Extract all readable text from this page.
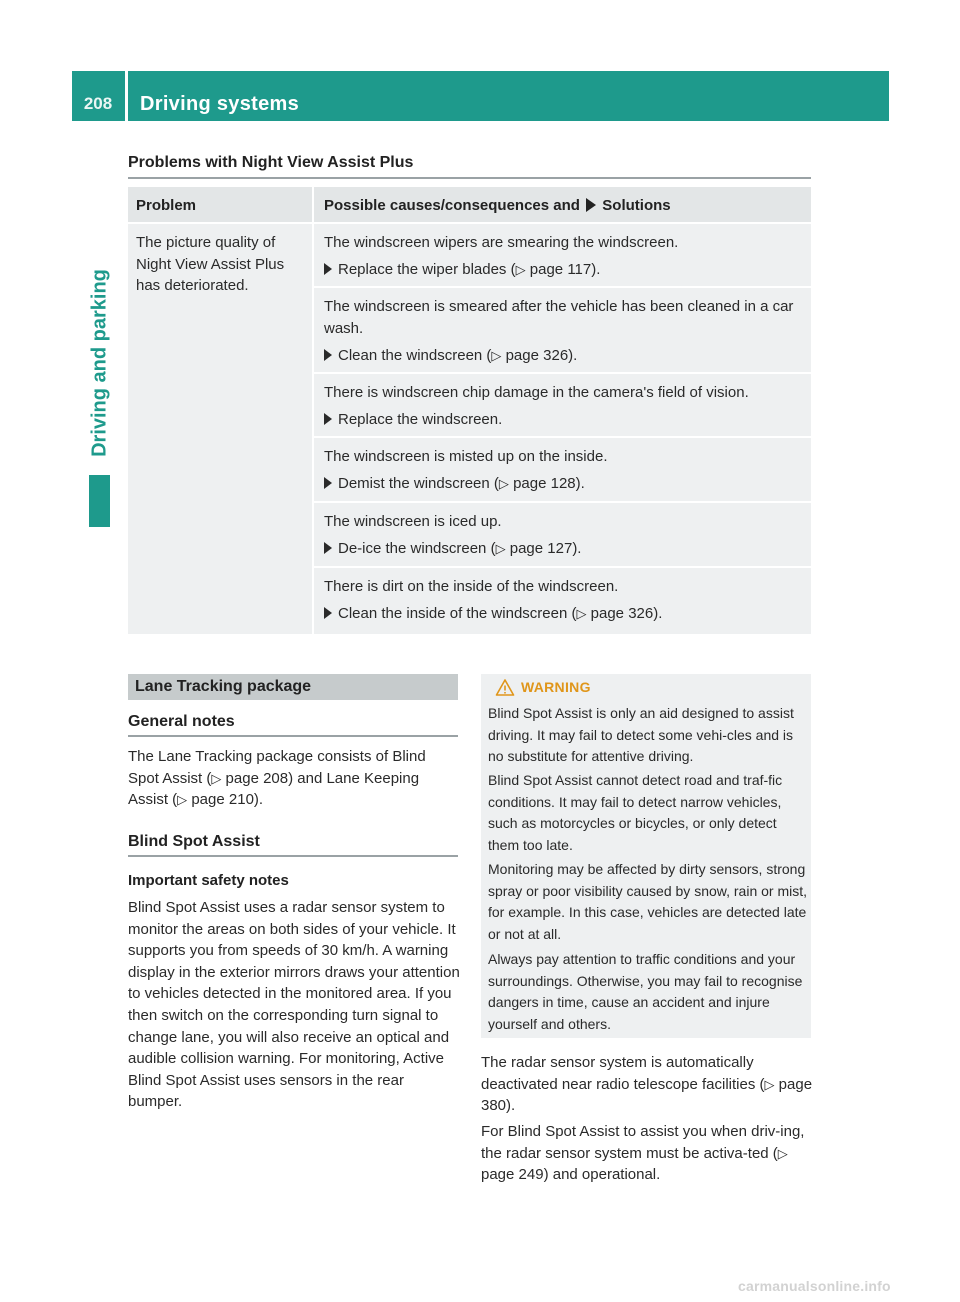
208	Driving systems
Driving and parking
Problems with Night View Assist Plus
Problem	Possible causes/consequences and Solutions
The picture quality of Night View Assist Plus has deteriorated.
The windscreen wipers are smearing the windscreen.
Replace the wiper blades (▷ page 117).
The windscreen is smeared after the vehicle has been cleaned in a car wash.
Clean the windscreen (▷ page 326).
There is windscreen chip damage in the camera's field of vision.
Replace the windscreen.
The windscreen is misted up on the inside.
Demist the windscreen (▷ page 128).
The windscreen is iced up.
De-ice the windscreen (▷ page 127).
There is dirt on the inside of the windscreen.
Clean the inside of the windscreen (▷ page 326).
Lane Tracking package
General notes
The Lane Tracking package consists of Blind Spot Assist (▷ page 208) and Lane Keeping Assist (▷ page 210).
Blind Spot Assist
Important safety notes
Blind Spot Assist uses a radar sensor system to monitor the areas on both sides of your vehicle. It supports you from speeds of 30 km/h. A warning display in the exterior mirrors draws your attention to vehicles detected in the monitored area. If you then switch on the corresponding turn signal to change lane, you will also receive an optical and audible collision warning. For monitoring, Active Blind Spot Assist uses sensors in the rear bumper.
WARNING
Blind Spot Assist is only an aid designed to assist driving. It may fail to detect some vehi-cles and is no substitute for attentive driving.
Blind Spot Assist cannot detect road and traf-fic conditions. It may fail to detect narrow vehicles, such as motorcycles or bicycles, or only detect them too late.
Monitoring may be affected by dirty sensors, strong spray or poor visibility caused by snow, rain or mist, for example. In this case, vehicles are detected late or not at all.
Always pay attention to traffic conditions and your surroundings. Otherwise, you may fail to recognise dangers in time, cause an accident and injure yourself and others.
The radar sensor system is automatically deactivated near radio telescope facilities (▷ page 380).
For Blind Spot Assist to assist you when driv-ing, the radar sensor system must be activa-ted (▷ page 249) and operational.
carmanualsonline.info
